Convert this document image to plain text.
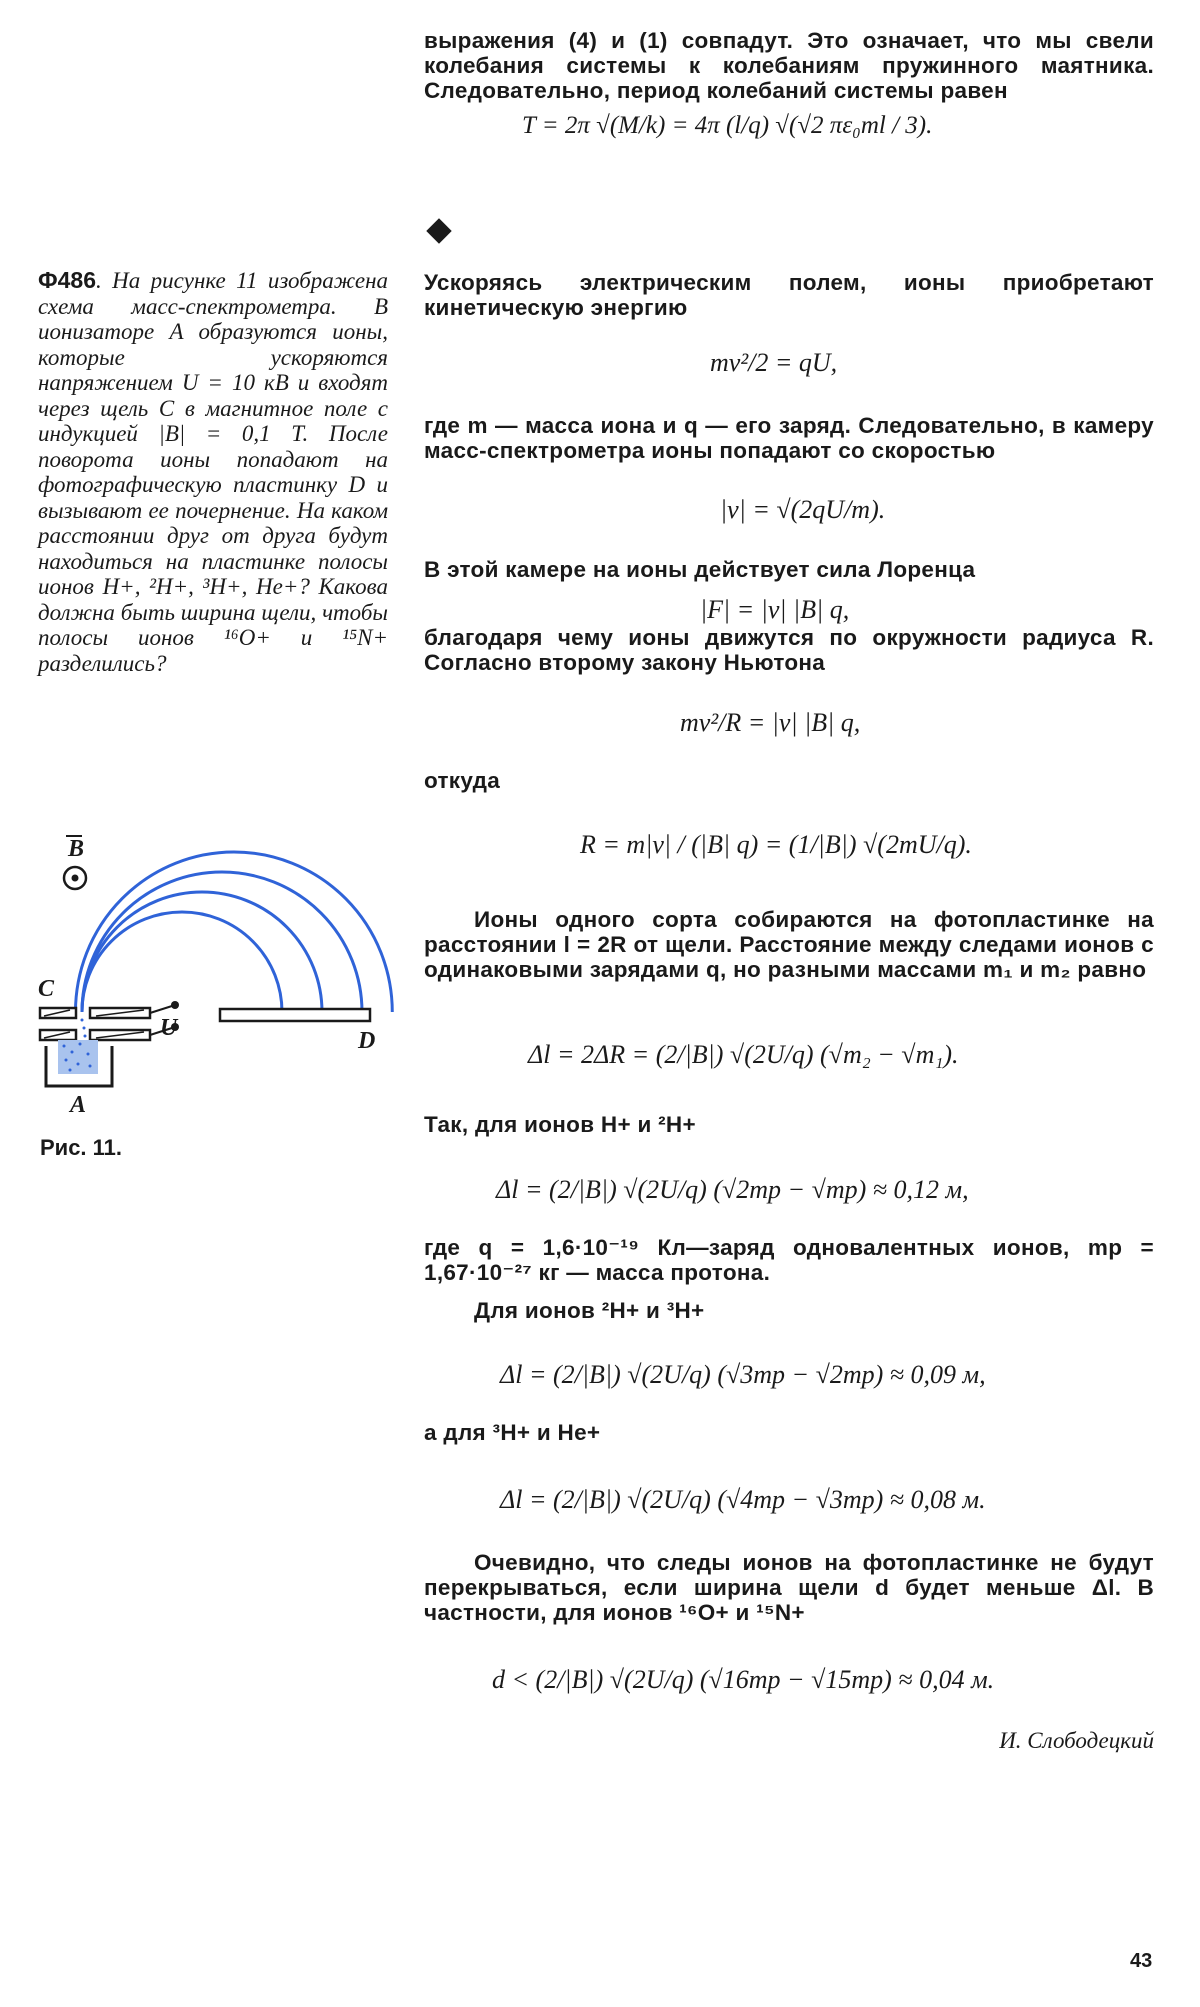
выражения (4) и (1) совпадут. Это означает, что мы свели колебания системы к колебаниям пружинного маятника. Следовательно, период колебаний системы равен

T = 2π √(M/k) = 4π (l/q) √(√2 πε₀ml / 3).

Ф486. На рисунке 11 изображена схема масс-спектрометра. В ионизаторе A образуются ионы, которые ускоряются напряжением U = 10 кВ и входят через щель C в магнитное поле с индукцией |B| = 0,1 Т. После поворота ионы попадают на фотографическую пластинку D и вызывают ее почернение. На каком расстоянии друг от друга будут находиться на пластинке полосы ионов H+, ²H+, ³H+, He+? Какова должна быть ширина щели, чтобы полосы ионов ¹⁶O+ и ¹⁵N+ разделились?

B
C
U	D
A
Рис. 11.

Ускоряясь электрическим полем, ионы приобретают кинетическую энергию

mv²/2 = qU,

где m — масса иона и q — его заряд. Следовательно, в камеру масс-спектрометра ионы попадают со скоростью

|v| = √(2qU/m).

В этой камере на ионы действует сила Лоренца

|F| = |v| |B| q,

благодаря чему ионы движутся по окружности радиуса R. Согласно второму закону Ньютона

mv²/R = |v| |B| q,

откуда

R = m|v| / (|B| q) = (1/|B|) √(2mU/q).

Ионы одного сорта собираются на фотопластинке на расстоянии l = 2R от щели. Расстояние между следами ионов с одинаковыми зарядами q, но разными массами m₁ и m₂ равно

Δl = 2ΔR = (2/|B|) √(2U/q) (√m₂ − √m₁).

Так, для ионов H+ и ²H+

Δl = (2/|B|) √(2U/q) (√2mp − √mp) ≈ 0,12 м,

где q = 1,6·10⁻¹⁹ Кл—заряд одновалентных ионов, mp = 1,67·10⁻²⁷ кг — масса протона.

Для ионов ²H+ и ³H+

Δl = (2/|B|) √(2U/q) (√3mp − √2mp) ≈ 0,09 м,

а для ³H+ и He+

Δl = (2/|B|) √(2U/q) (√4mp − √3mp) ≈ 0,08 м.

Очевидно, что следы ионов на фотопластинке не будут перекрываться, если ширина щели d будет меньше Δl. В частности, для ионов ¹⁶O+ и ¹⁵N+

d < (2/|B|) √(2U/q) (√16mp − √15mp) ≈ 0,04 м.
И. Слободецкий
43
